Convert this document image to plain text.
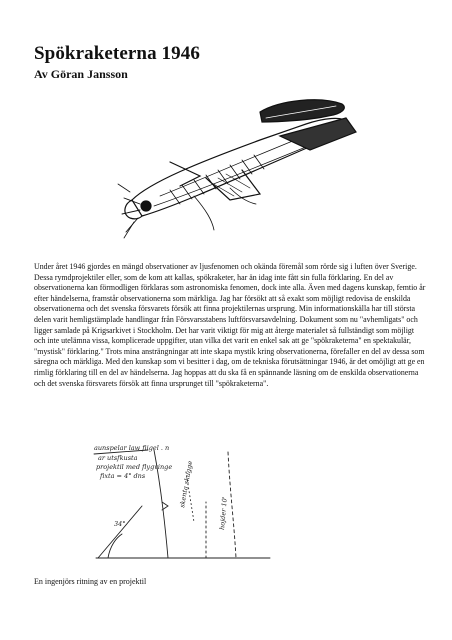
Spökraketerna 1946
Av Göran Jansson

Under året 1946 gjordes en mängd observationer av ljusfenomen och okända föremål som rörde sig i luften över Sverige. Dessa rymdprojektiler eller, som de kom att kallas, spökraketer, har än idag inte fått sin fulla förklaring. En del av observationerna kan förmodligen förklaras som astronomiska fenomen, dock inte alla. Även med dagens kunskap, femtio år efter händelserna, framstår observationerna som märkliga. Jag har försökt att så exakt som möjligt redovisa de enskilda observationerna och det svenska försvarets försök att finna projektilernas ursprung. Min informationskälla har till största delen varit hemligstämplade handlingar från Försvarsstabens luftförsvarsavdelning. Dokument som nu "avhemligats" och ligger samlade på Krigsarkivet i Stockholm. Det har varit viktigt för mig att återge materialet så fullständigt som möjligt och inte utelämna vissa, komplicerade uppgifter, utan vilka det varit en enkel sak att ge "spökraketerna" en spektakulär, "mystisk" förklaring." Trots mina ansträngningar att inte skapa mystik kring observationerna, förefaller en del av dessa som säregna och märkliga. Med den kunskap som vi besitter i dag, om de tekniska förutsättningar 1946, är det omöjligt att ge en rimlig förklaring till en del av händelserna. Jag hoppas att du ska få en spännande läsning om de enskilda observationerna och det svenska försvarets försök att finna ursprunget till "spökraketerna".

aunspelar law fiigel . n
ar utsfkusta
projektil med flygvinge
fixta = 4° dns
34°
skenta skugge
hojder 10'

En ingenjörs ritning av en projektil
